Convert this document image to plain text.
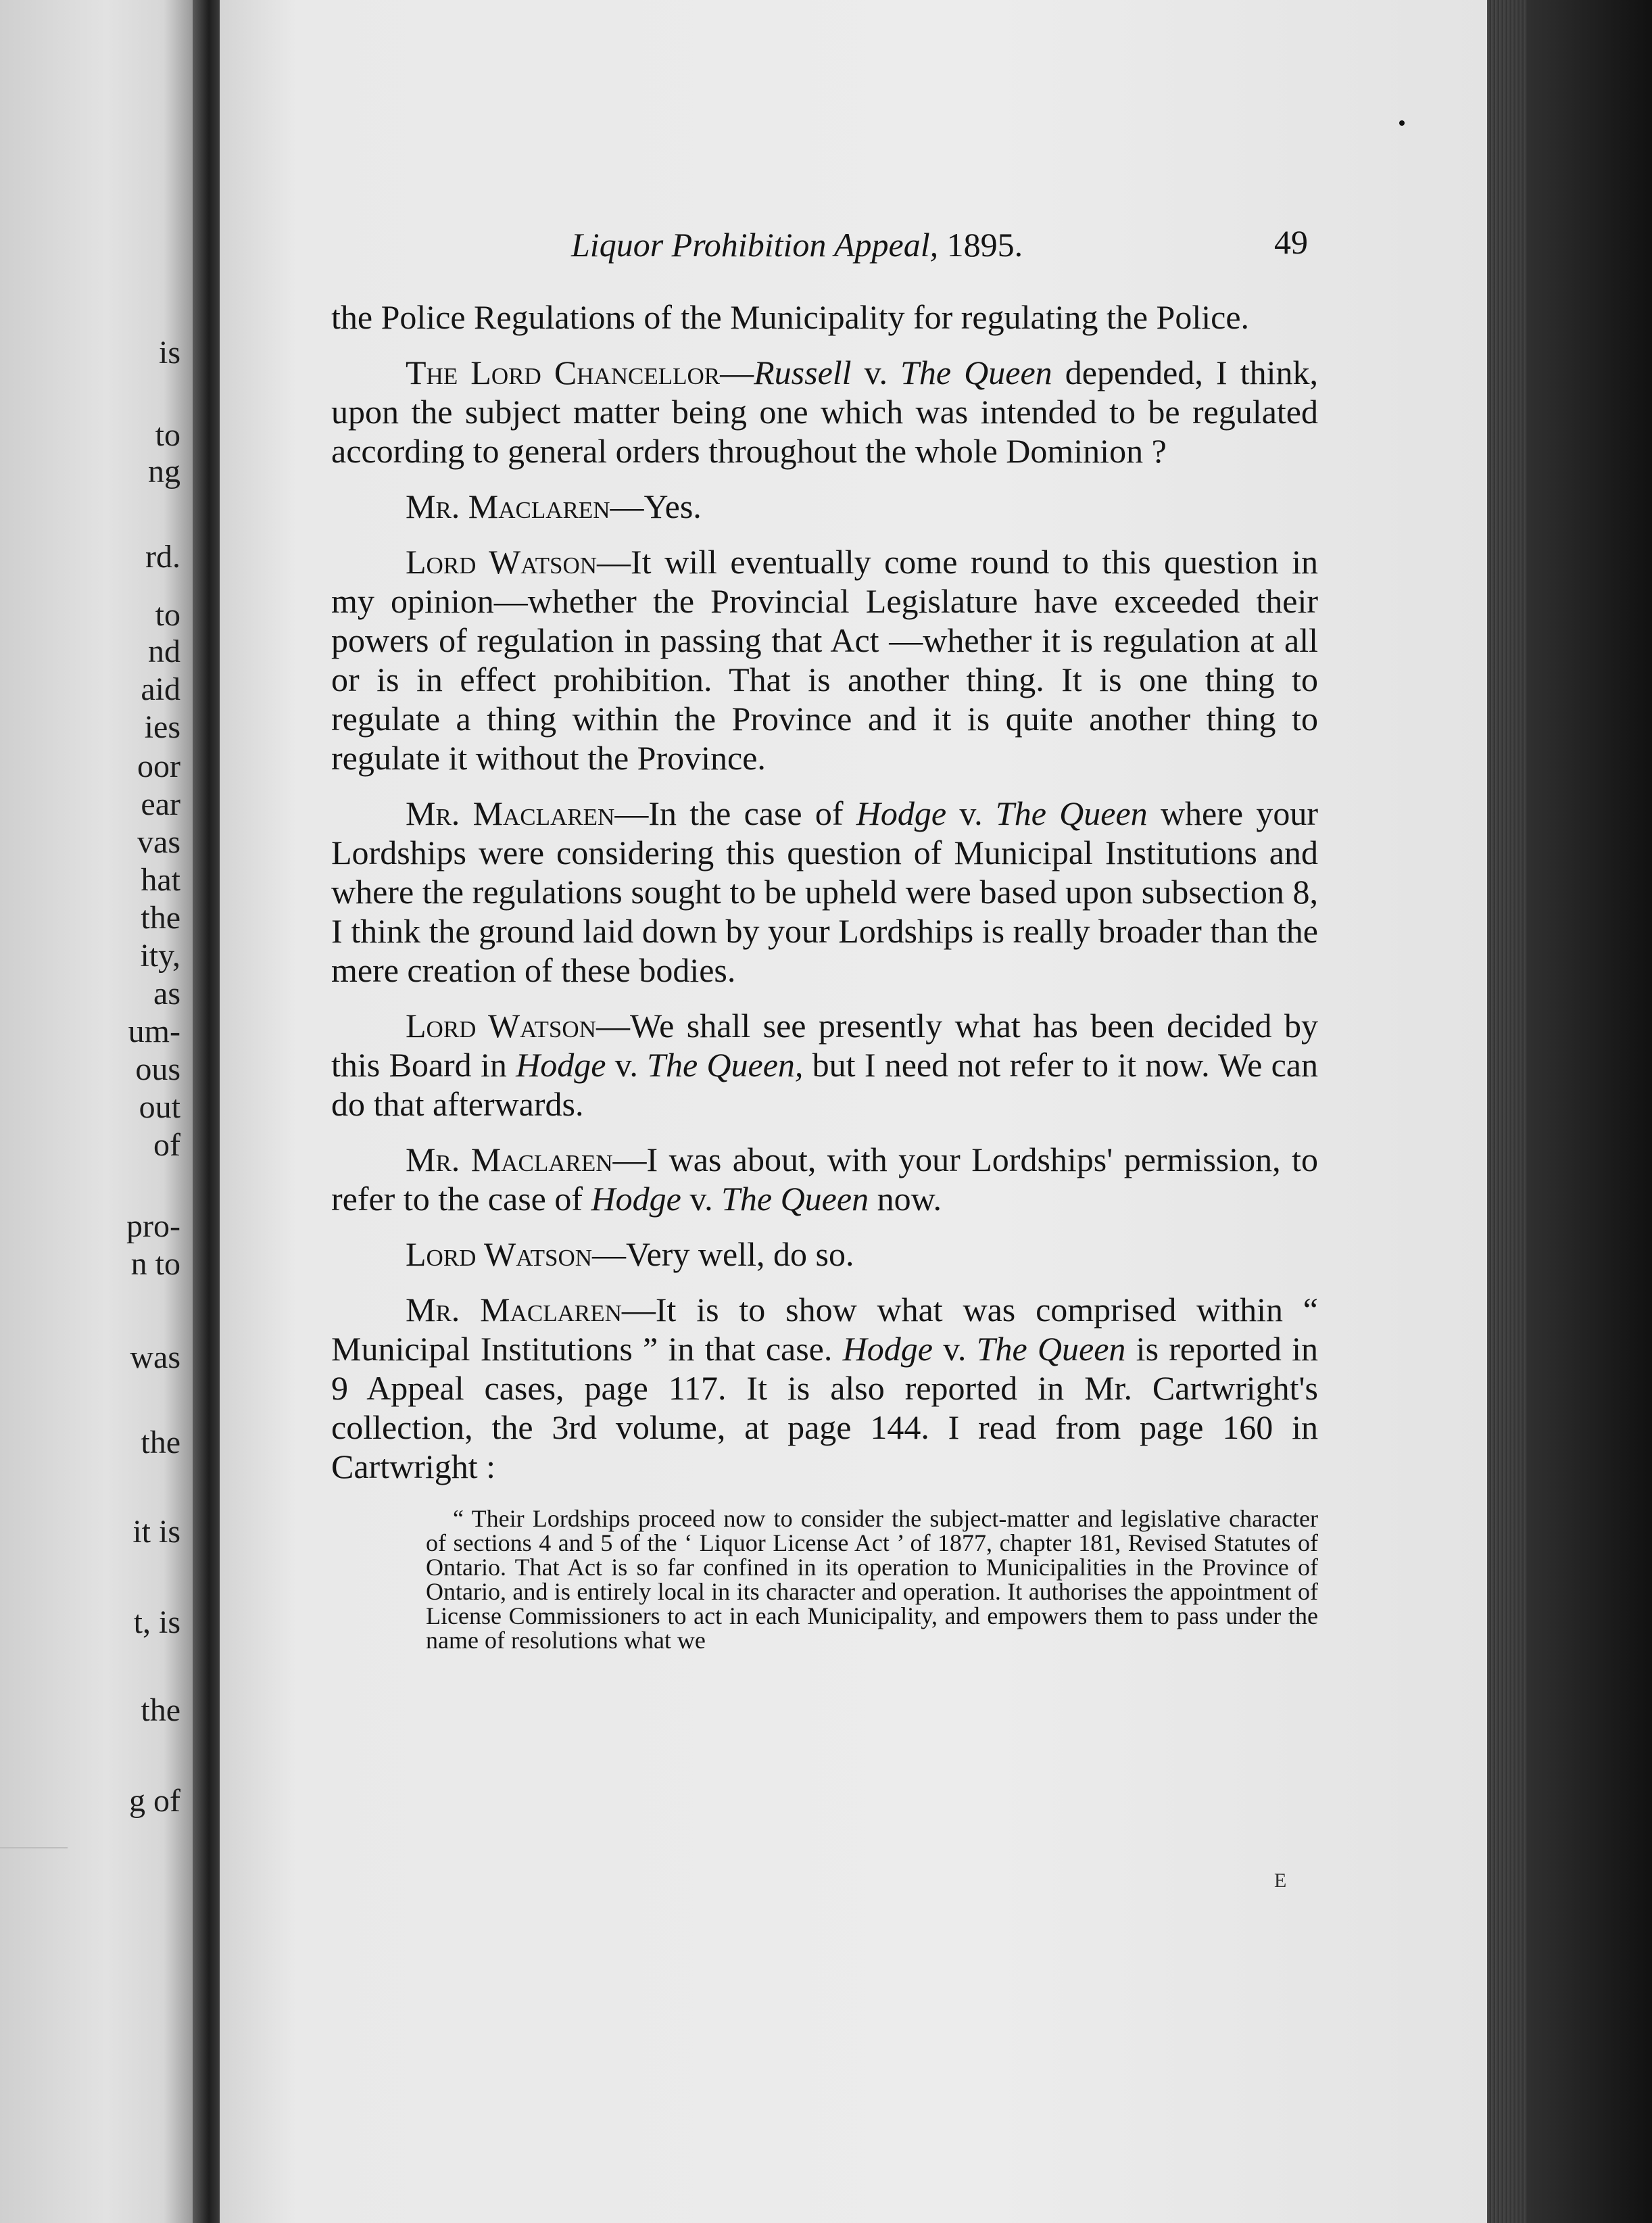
is
to
ng
rd.
to
nd
aid
ies
oor
ear
vas
hat
the
ity,
as
um-
ous
out
of
pro-
n to
was
the
it is
t, is
the
g of
Liquor Prohibition Appeal, 1895.	49

the Police Regulations of the Municipality for regulating the Police.

The Lord Chancellor—Russell v. The Queen depended, I think, upon the subject matter being one which was intended to be regulated according to general orders throughout the whole Dominion ?

Mr. Maclaren—Yes.

Lord Watson—It will eventually come round to this question in my opinion—whether the Provincial Legislature have exceeded their powers of regulation in passing that Act —whether it is regulation at all or is in effect prohibition. That is another thing. It is one thing to regulate a thing within the Province and it is quite another thing to regulate it without the Province.

Mr. Maclaren—In the case of Hodge v. The Queen where your Lordships were considering this question of Municipal Institutions and where the regulations sought to be upheld were based upon subsection 8, I think the ground laid down by your Lordships is really broader than the mere creation of these bodies.

Lord Watson—We shall see presently what has been decided by this Board in Hodge v. The Queen, but I need not refer to it now. We can do that afterwards.

Mr. Maclaren—I was about, with your Lordships' permission, to refer to the case of Hodge v. The Queen now.

Lord Watson—Very well, do so.

Mr. Maclaren—It is to show what was comprised within “ Municipal Institutions ” in that case. Hodge v. The Queen is reported in 9 Appeal cases, page 117. It is also reported in Mr. Cartwright's collection, the 3rd volume, at page 144. I read from page 160 in Cartwright :

“ Their Lordships proceed now to consider the subject-matter and legislative character of sections 4 and 5 of the ‘ Liquor License Act ’ of 1877, chapter 181, Revised Statutes of Ontario. That Act is so far confined in its operation to Municipalities in the Province of Ontario, and is entirely local in its character and operation. It authorises the appointment of License Commissioners to act in each Municipality, and empowers them to pass under the name of resolutions what we
E
